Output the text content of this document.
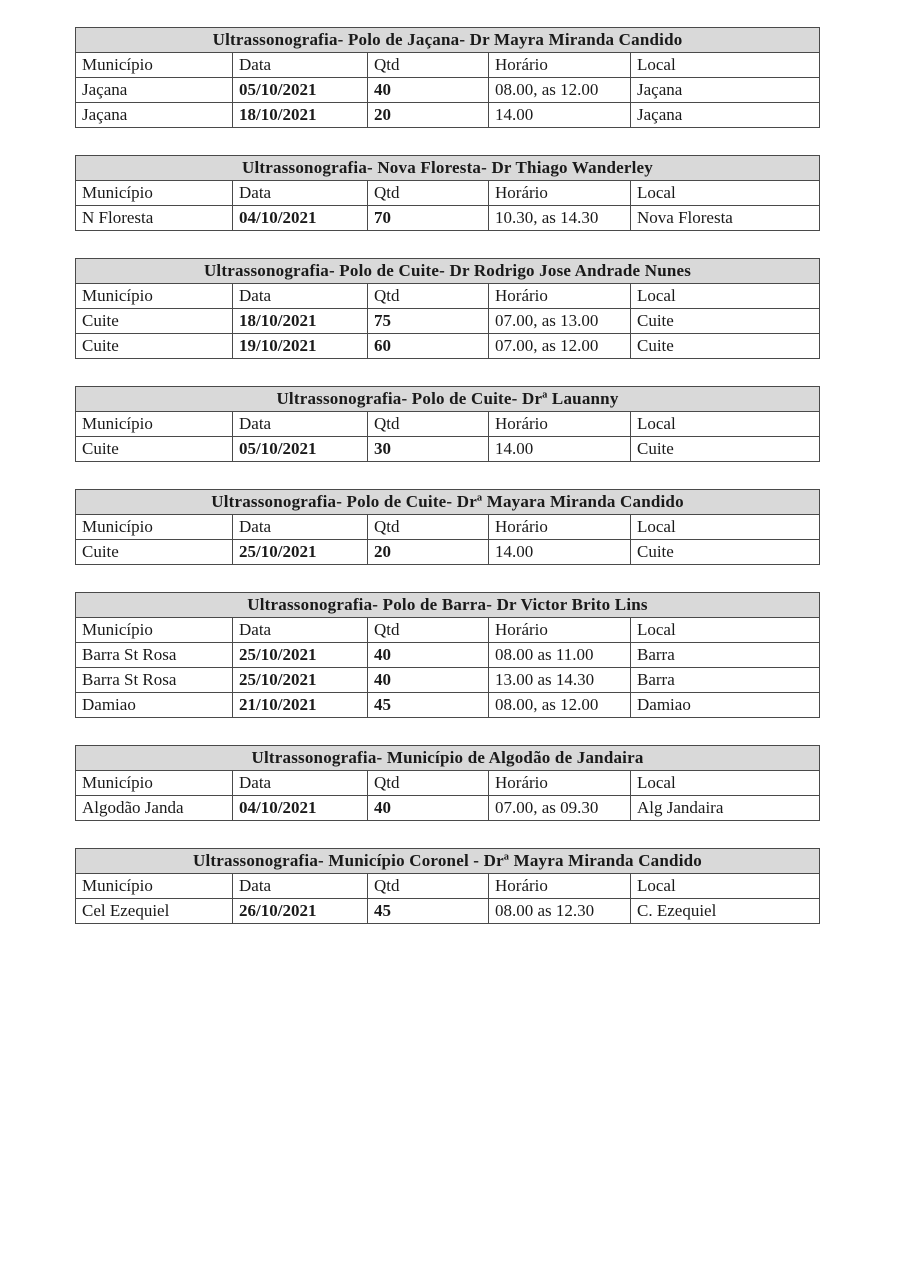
Ultrassonografia- Polo de Jaçana- Dr Mayra Miranda Candido				
Município	Data	Qtd	Horário	Local
Jaçana	05/10/2021	40	08.00, as 12.00	Jaçana
Jaçana	18/10/2021	20	14.00	Jaçana
Ultrassonografia- Nova Floresta- Dr Thiago Wanderley				
Município	Data	Qtd	Horário	Local
N Floresta	04/10/2021	70	10.30, as 14.30	Nova Floresta
Ultrassonografia- Polo de Cuite- Dr Rodrigo Jose Andrade Nunes				
Município	Data	Qtd	Horário	Local
Cuite	18/10/2021	75	07.00, as 13.00	Cuite
Cuite	19/10/2021	60	07.00, as 12.00	Cuite
Ultrassonografia- Polo de Cuite- Drª Lauanny				
Município	Data	Qtd	Horário	Local
Cuite	05/10/2021	30	14.00	Cuite
Ultrassonografia- Polo de Cuite- Drª Mayara Miranda Candido				
Município	Data	Qtd	Horário	Local
Cuite	25/10/2021	20	14.00	Cuite
Ultrassonografia- Polo de Barra- Dr Victor Brito Lins				
Município	Data	Qtd	Horário	Local
Barra St Rosa	25/10/2021	40	08.00 as 11.00	Barra
Barra St Rosa	25/10/2021	40	13.00 as 14.30	Barra
Damiao	21/10/2021	45	08.00, as 12.00	Damiao
Ultrassonografia- Município de Algodão de Jandaira				
Município	Data	Qtd	Horário	Local
Algodão Janda	04/10/2021	40	07.00, as 09.30	Alg Jandaira
Ultrassonografia- Município Coronel - Drª Mayra Miranda Candido				
Município	Data	Qtd	Horário	Local
Cel Ezequiel	26/10/2021	45	08.00 as 12.30	C. Ezequiel
